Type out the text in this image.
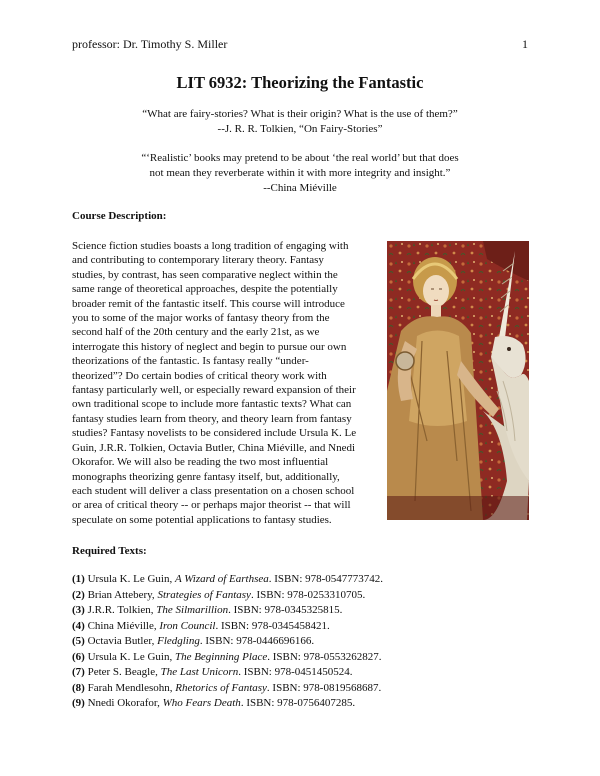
professor: Dr. Timothy S. Miller	1
LIT 6932: Theorizing the Fantastic
“What are fairy-stories? What is their origin? What is the use of them?”
--J. R. R. Tolkien, “On Fairy-Stories”
“‘Realistic’ books may pretend to be about ‘the real world’ but that does
not mean they reverberate within it with more integrity and insight.”
--China Miéville
Course Description:
Science fiction studies boasts a long tradition of engaging with
and contributing to contemporary literary theory. Fantasy
studies, by contrast, has seen comparative neglect within the
same range of theoretical approaches, despite the potentially
broader remit of the fantastic itself. This course will introduce
you to some of the major works of fantasy theory from the
second half of the 20th century and the early 21st, as we
interrogate this history of neglect and begin to pursue our own
theorizations of the fantastic. Is fantasy really “under-
theorized”? Do certain bodies of critical theory work with
fantasy particularly well, or especially reward expansion of their
own traditional scope to include more fantastic texts? What can
fantasy studies learn from theory, and theory learn from fantasy
studies? Fantasy novelists to be considered include Ursula K. Le
Guin, J.R.R. Tolkien, Octavia Butler, China Miéville, and Nnedi
Okorafor. We will also be reading the two most influential
monographs theorizing genre fantasy itself, but, additionally,
each student will deliver a class presentation on a chosen school
or area of critical theory -- or perhaps major theorist -- that will
speculate on some potential applications to fantasy studies.
Required Texts:
(1) Ursula K. Le Guin, A Wizard of Earthsea. ISBN: 978-0547773742.
(2) Brian Attebery, Strategies of Fantasy. ISBN: 978-0253310705.
(3) J.R.R. Tolkien, The Silmarillion. ISBN: 978-0345325815.
(4) China Miéville, Iron Council. ISBN: 978-0345458421.
(5) Octavia Butler, Fledgling. ISBN: 978-0446696166.
(6) Ursula K. Le Guin, The Beginning Place. ISBN: 978-0553262827.
(7) Peter S. Beagle, The Last Unicorn. ISBN: 978-0451450524.
(8) Farah Mendlesohn, Rhetorics of Fantasy. ISBN: 978-0819568687.
(9) Nnedi Okorafor, Who Fears Death. ISBN: 978-0756407285.
